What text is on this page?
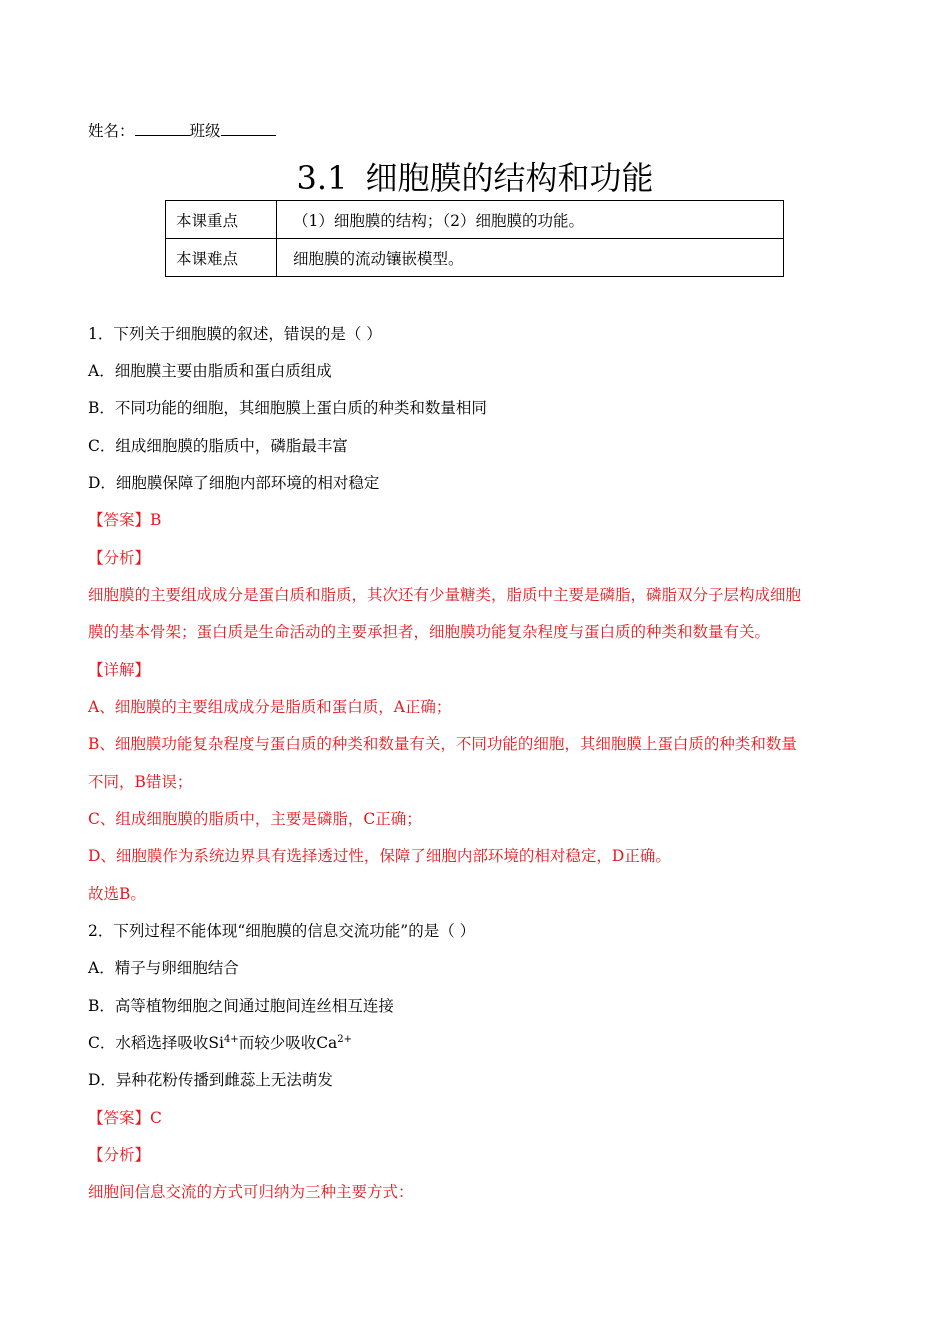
姓名：	班级
3.1 细胞膜的结构和功能
本课重点	（1）细胞膜的结构；（2）细胞膜的功能。
本课难点	细胞膜的流动镶嵌模型。
1．下列关于细胞膜的叙述，错误的是（ ）
A．细胞膜主要由脂质和蛋白质组成
B．不同功能的细胞，其细胞膜上蛋白质的种类和数量相同
C．组成细胞膜的脂质中，磷脂最丰富
D．细胞膜保障了细胞内部环境的相对稳定
【答案】B
【分析】
细胞膜的主要组成成分是蛋白质和脂质，其次还有少量糖类，脂质中主要是磷脂，磷脂双分子层构成细胞
膜的基本骨架；蛋白质是生命活动的主要承担者，细胞膜功能复杂程度与蛋白质的种类和数量有关。
【详解】
A、细胞膜的主要组成成分是脂质和蛋白质，A正确；
B、细胞膜功能复杂程度与蛋白质的种类和数量有关，不同功能的细胞，其细胞膜上蛋白质的种类和数量
不同，B错误；
C、组成细胞膜的脂质中，主要是磷脂，C正确；
D、细胞膜作为系统边界具有选择透过性，保障了细胞内部环境的相对稳定，D正确。
故选B。
2．下列过程不能体现“细胞膜的信息交流功能”的是（ ）
A．精子与卵细胞结合
B．高等植物细胞之间通过胞间连丝相互连接
C．水稻选择吸收$Si^{4+}$而较少吸收$Ca^{2+}$
D．异种花粉传播到雌蕊上无法萌发
【答案】C
【分析】
细胞间信息交流的方式可归纳为三种主要方式：
